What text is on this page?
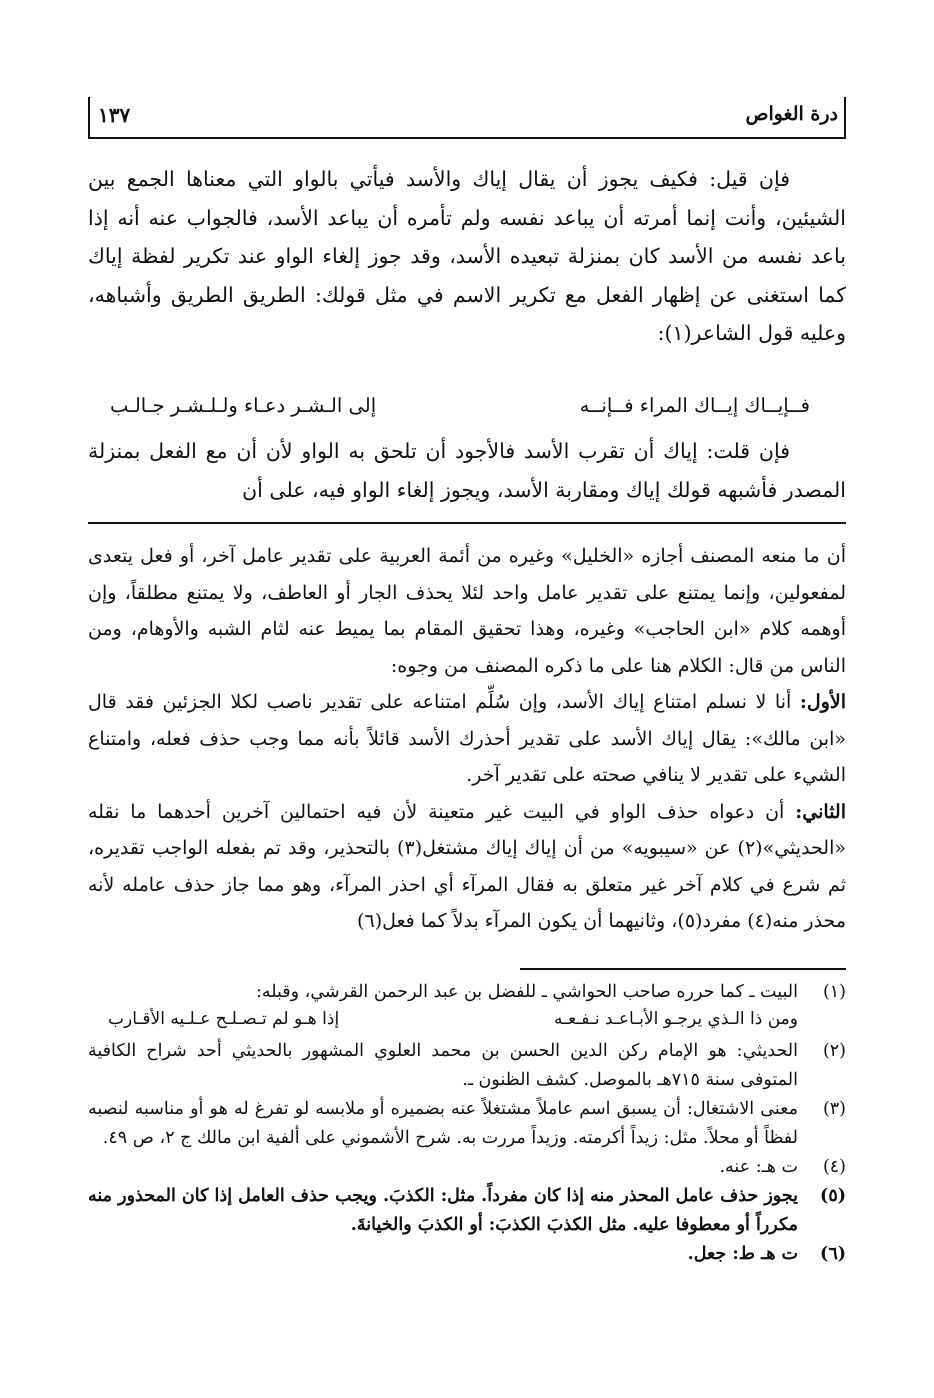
١٣٧	درة الغواص

فإن قيل: فكيف يجوز أن يقال إياك والأسد فيأتي بالواو التي معناها الجمع بين الشيئين، وأنت إنما أمرته أن يباعد نفسه ولم تأمره أن يباعد الأسد، فالجواب عنه أنه إذا باعد نفسه من الأسد كان بمنزلة تبعيده الأسد، وقد جوز إلغاء الواو عند تكرير لفظة إياك كما استغنى عن إظهار الفعل مع تكرير الاسم في مثل قولك: الطريق الطريق وأشباهه، وعليه قول الشاعر(١):

فــإيــاك إيــاك المراء فــإنــه
إلى الـشـر دعـاء ولـلـشـر جـالـب

فإن قلت: إياك أن تقرب الأسد فالأجود أن تلحق به الواو لأن أن مع الفعل بمنزلة المصدر فأشبهه قولك إياك ومقاربة الأسد، ويجوز إلغاء الواو فيه، على أن

أن ما منعه المصنف أجازه «الخليل» وغيره من أئمة العربية على تقدير عامل آخر، أو فعل يتعدى لمفعولين، وإنما يمتنع على تقدير عامل واحد لئلا يحذف الجار أو العاطف، ولا يمتنع مطلقاً، وإن أوهمه كلام «ابن الحاجب» وغيره، وهذا تحقيق المقام بما يميط عنه لثام الشبه والأوهام، ومن الناس من قال: الكلام هنا على ما ذكره المصنف من وجوه:

الأول: أنا لا نسلم امتناع إياك الأسد، وإن سُلِّم امتناعه على تقدير ناصب لكلا الجزئين فقد قال «ابن مالك»: يقال إياك الأسد على تقدير أحذرك الأسد قائلاً بأنه مما وجب حذف فعله، وامتناع الشيء على تقدير لا ينافي صحته على تقدير آخر.

الثاني: أن دعواه حذف الواو في البيت غير متعينة لأن فيه احتمالين آخرين أحدهما ما نقله «الحديثي»(٢) عن «سيبويه» من أن إياك إياك مشتغل(٣) بالتحذير، وقد تم بفعله الواجب تقديره، ثم شرع في كلام آخر غير متعلق به فقال المرآء أي احذر المرآء، وهو مما جاز حذف عامله لأنه محذر منه(٤) مفرد(٥)، وثانيهما أن يكون المرآء بدلاً كما فعل(٦)

(١)
البيت ـ كما حرره صاحب الحواشي ـ للفضل بن عبد الرحمن القرشي، وقبله:
ومن ذا الـذي يرجـو الأبـاعـد نـفـعـه
إذا هـو لم تـصـلـح عـلـيه الأقـارب
(٢)
الحديثي: هو الإمام ركن الدين الحسن بن محمد العلوي المشهور بالحديثي أحد شراح الكافية المتوفى سنة ٧١٥هـ بالموصل. كشف الظنون ـ.
(٣)
معنى الاشتغال: أن يسبق اسم عاملاً مشتغلاً عنه بضميره أو ملابسه لو تفرغ له هو أو مناسبه لنصبه لفظاً أو محلاً. مثل: زيداً أكرمته. وزيداً مررت به. شرح الأشموني على ألفية ابن مالك ج ٢، ص ٤٩.
(٤)
ت هـ: عنه.
(٥)
يجوز حذف عامل المحذر منه إذا كان مفرداً. مثل: الكذبَ. ويجب حذف العامل إذا كان المحذور منه مكرراً أو معطوفا عليه. مثل الكذبَ الكذبَ: أو الكذبَ والخيانةَ.
(٦)
ت هـ ط: جعل.
